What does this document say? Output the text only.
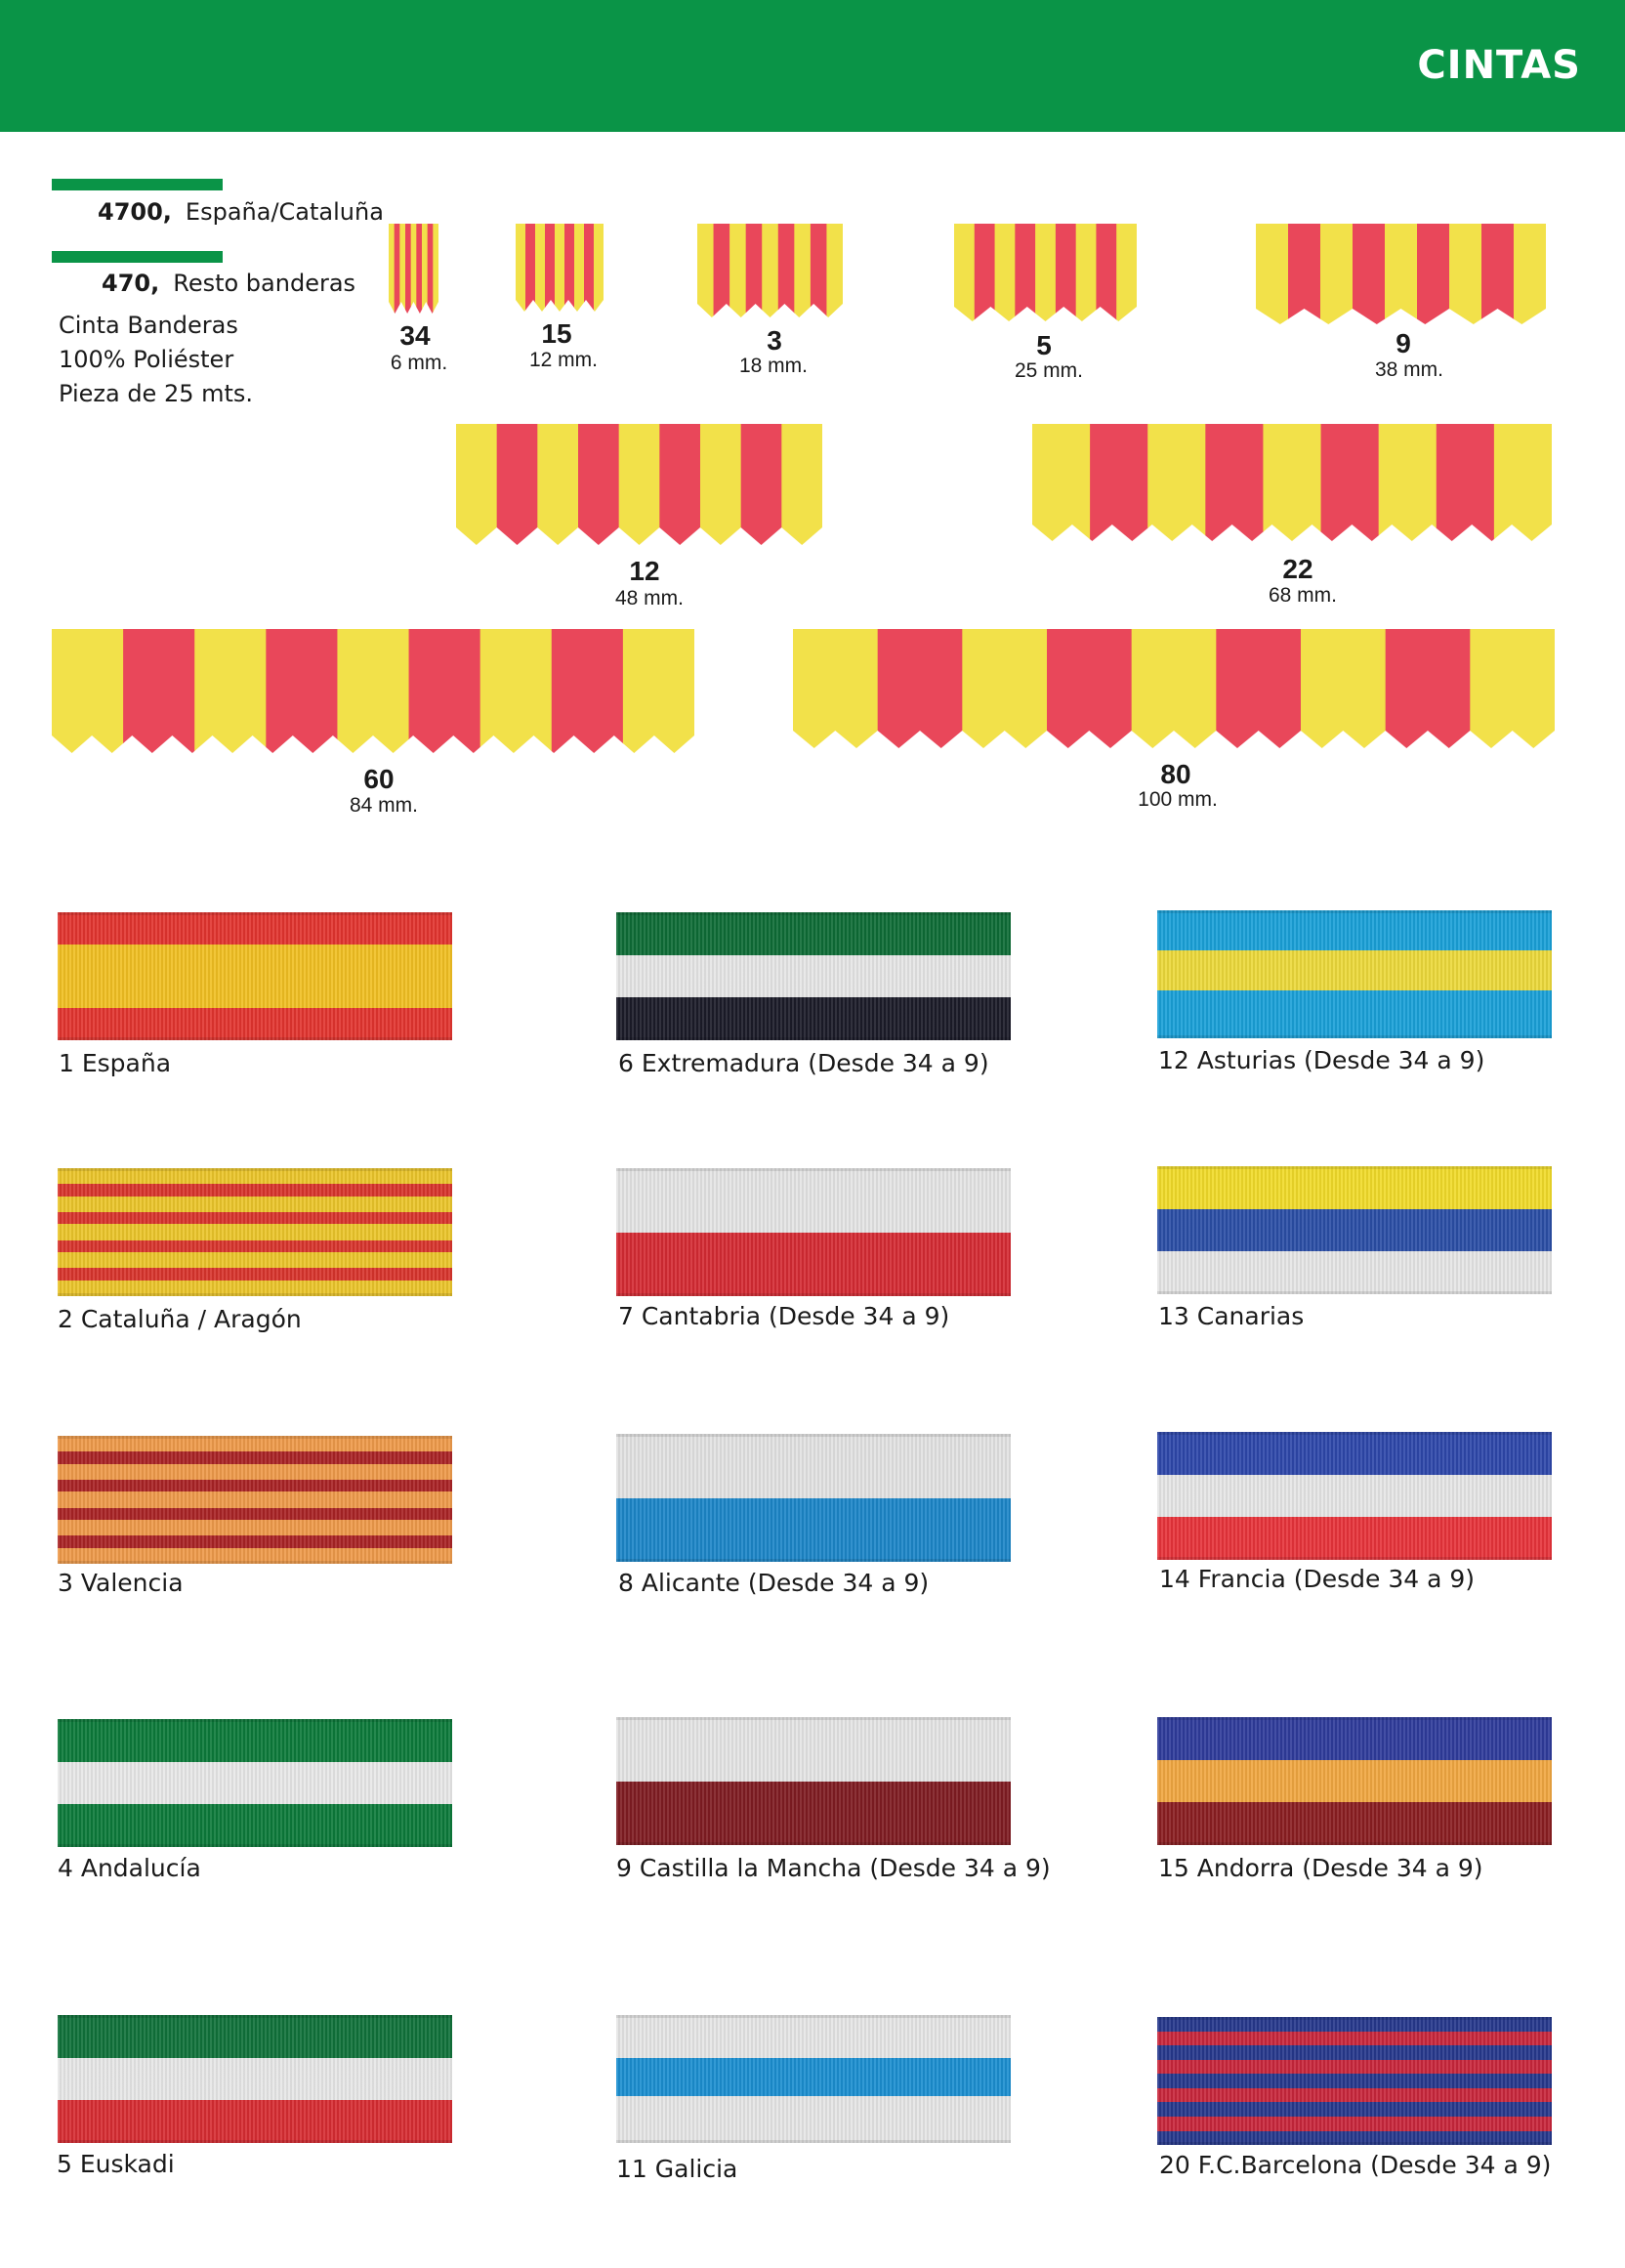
CINTAS
4700, España/Cataluña
470, Resto banderas
Cinta Banderas
100% Poliéster
Pieza de 25 mts.
34
6 mm.
15
12 mm.
3
18 mm.
5
25 mm.
9
38 mm.
12
48 mm.
22
68 mm.
60
84 mm.
80
100 mm.
1 España	6 Extremadura (Desde 34 a 9)	12 Asturias (Desde 34 a 9)
2 Cataluña / Aragón	7 Cantabria (Desde 34 a 9)	13 Canarias
3 Valencia	8 Alicante (Desde 34 a 9)	14 Francia (Desde 34 a 9)
4 Andalucía	9 Castilla la Mancha (Desde 34 a 9)	15 Andorra (Desde 34 a 9)
5 Euskadi	11 Galicia	20 F.C.Barcelona (Desde 34 a 9)
